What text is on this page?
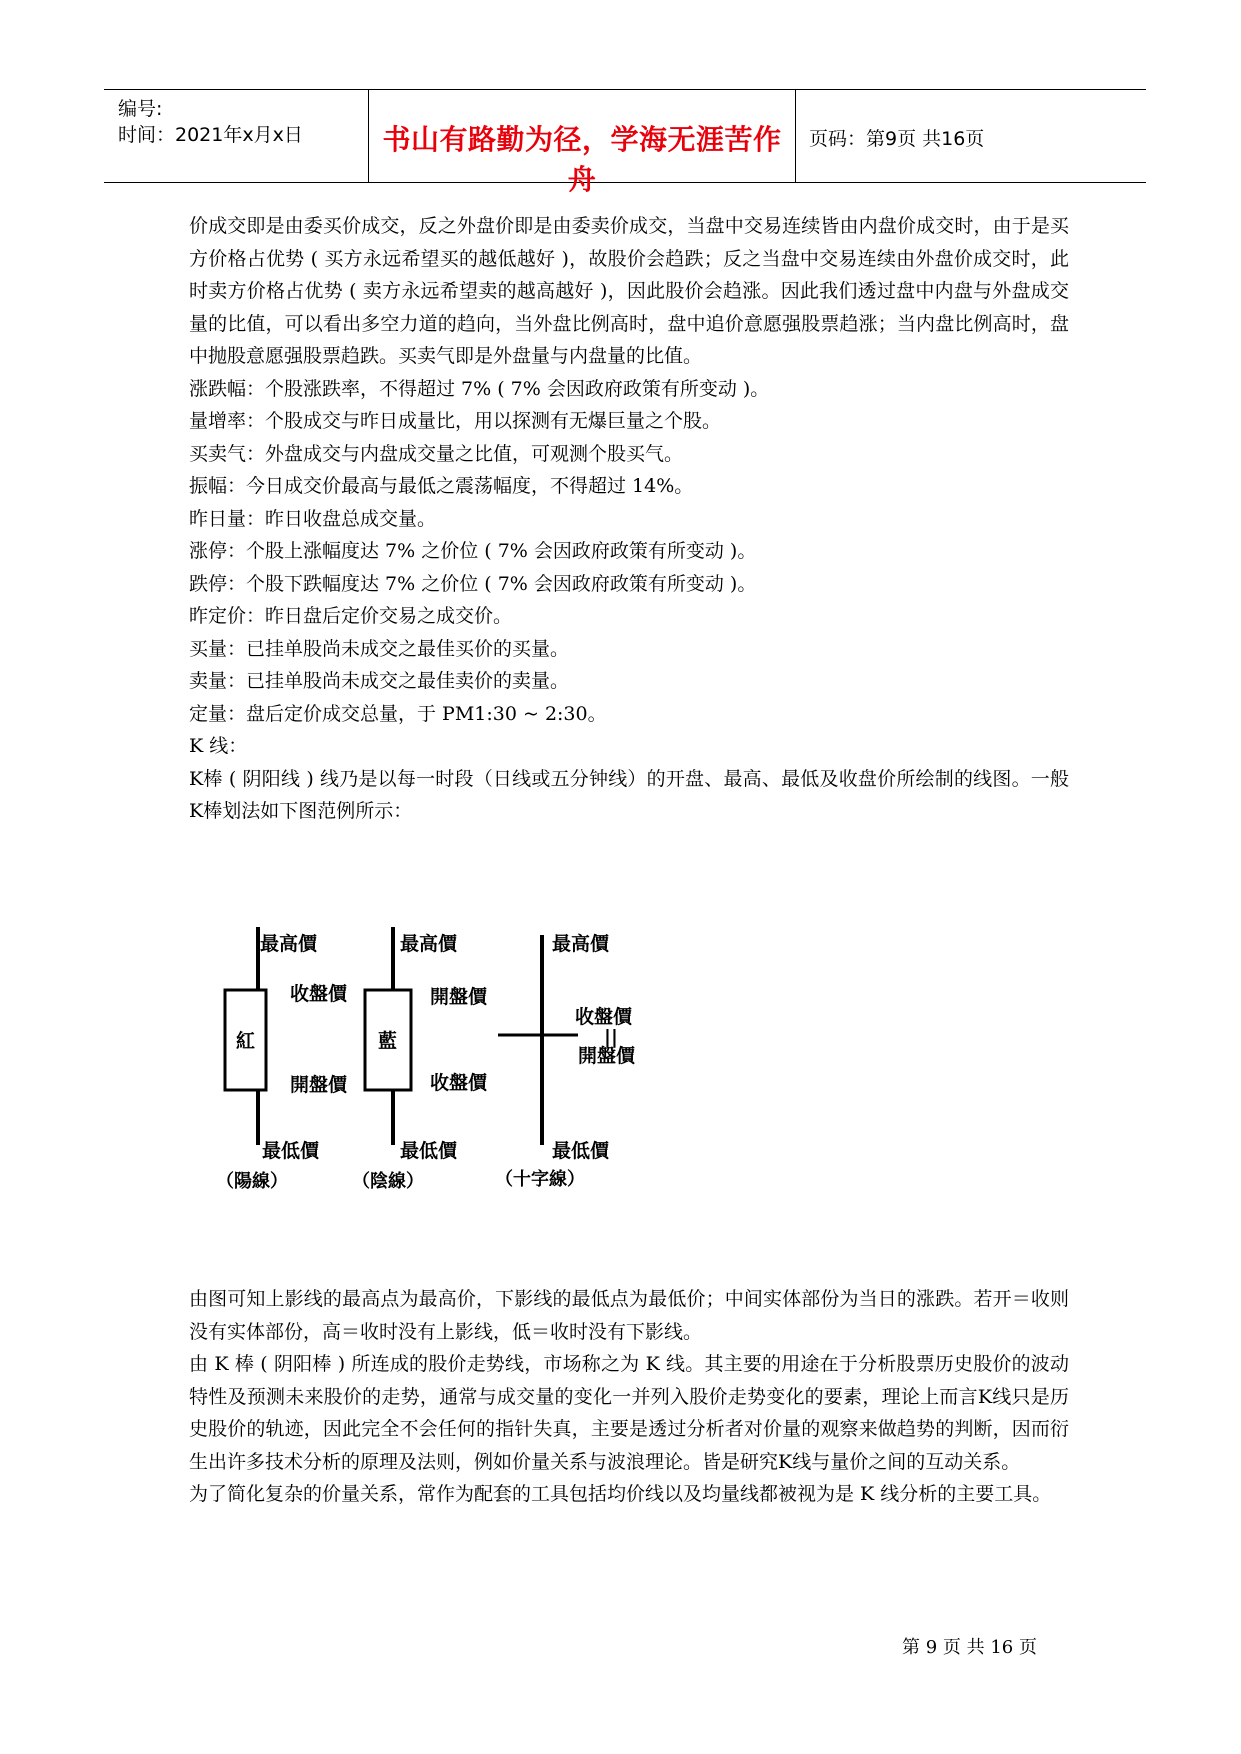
编号:
时间：2021年x月x日	书山有路勤为径，学海无涯苦作舟
页码：第9页 共16页
价成交即是由委买价成交，反之外盘价即是由委卖价成交，当盘中交易连续皆由内盘价成交时，由于是买方价格占优势 ( 买方永远希望买的越低越好 )，故股价会趋跌；反之当盘中交易连续由外盘价成交时，此时卖方价格占优势 ( 卖方永远希望卖的越高越好 )，因此股价会趋涨。因此我们透过盘中内盘与外盘成交量的比值，可以看出多空力道的趋向，当外盘比例高时，盘中追价意愿强股票趋涨；当内盘比例高时，盘中抛股意愿强股票趋跌。买卖气即是外盘量与内盘量的比值。
涨跌幅：个股涨跌率，不得超过 7% ( 7% 会因政府政策有所变动 )。
量增率：个股成交与昨日成量比，用以探测有无爆巨量之个股。
买卖气：外盘成交与内盘成交量之比值，可观测个股买气。
振幅：今日成交价最高与最低之震荡幅度，不得超过 14%。
昨日量：昨日收盘总成交量。
涨停：个股上涨幅度达 7% 之价位 ( 7% 会因政府政策有所变动 )。
跌停：个股下跌幅度达 7% 之价位 ( 7% 会因政府政策有所变动 )。
昨定价：昨日盘后定价交易之成交价。
买量：已挂单股尚未成交之最佳买价的买量。
卖量：已挂单股尚未成交之最佳卖价的卖量。
定量：盘后定价成交总量，于 PM1:30 ~ 2:30。
K 线：
K棒 ( 阴阳线 ) 线乃是以每一时段（日线或五分钟线）的开盘、最高、最低及收盘价所绘制的线图。一般K棒划法如下图范例所示：
最高價
收盤價
紅
開盤價
最低價
（陽線）
最高價
開盤價
藍
收盤價
最低價
（陰線）
最高價
收盤價
||
開盤價
最低價
（十字線）
由图可知上影线的最高点为最高价，下影线的最低点为最低价；中间实体部份为当日的涨跌。若开＝收则没有实体部份，高＝收时没有上影线，低＝收时没有下影线。
由 K 棒 ( 阴阳棒 ) 所连成的股价走势线，市场称之为 K 线。其主要的用途在于分析股票历史股价的波动特性及预测未来股价的走势，通常与成交量的变化一并列入股价走势变化的要素，理论上而言K线只是历史股价的轨迹，因此完全不会任何的指针失真，主要是透过分析者对价量的观察来做趋势的判断，因而衍生出许多技术分析的原理及法则，例如价量关系与波浪理论。皆是研究K线与量价之间的互动关系。
为了简化复杂的价量关系，常作为配套的工具包括均价线以及均量线都被视为是 K 线分析的主要工具。
第 9 页 共 16 页
